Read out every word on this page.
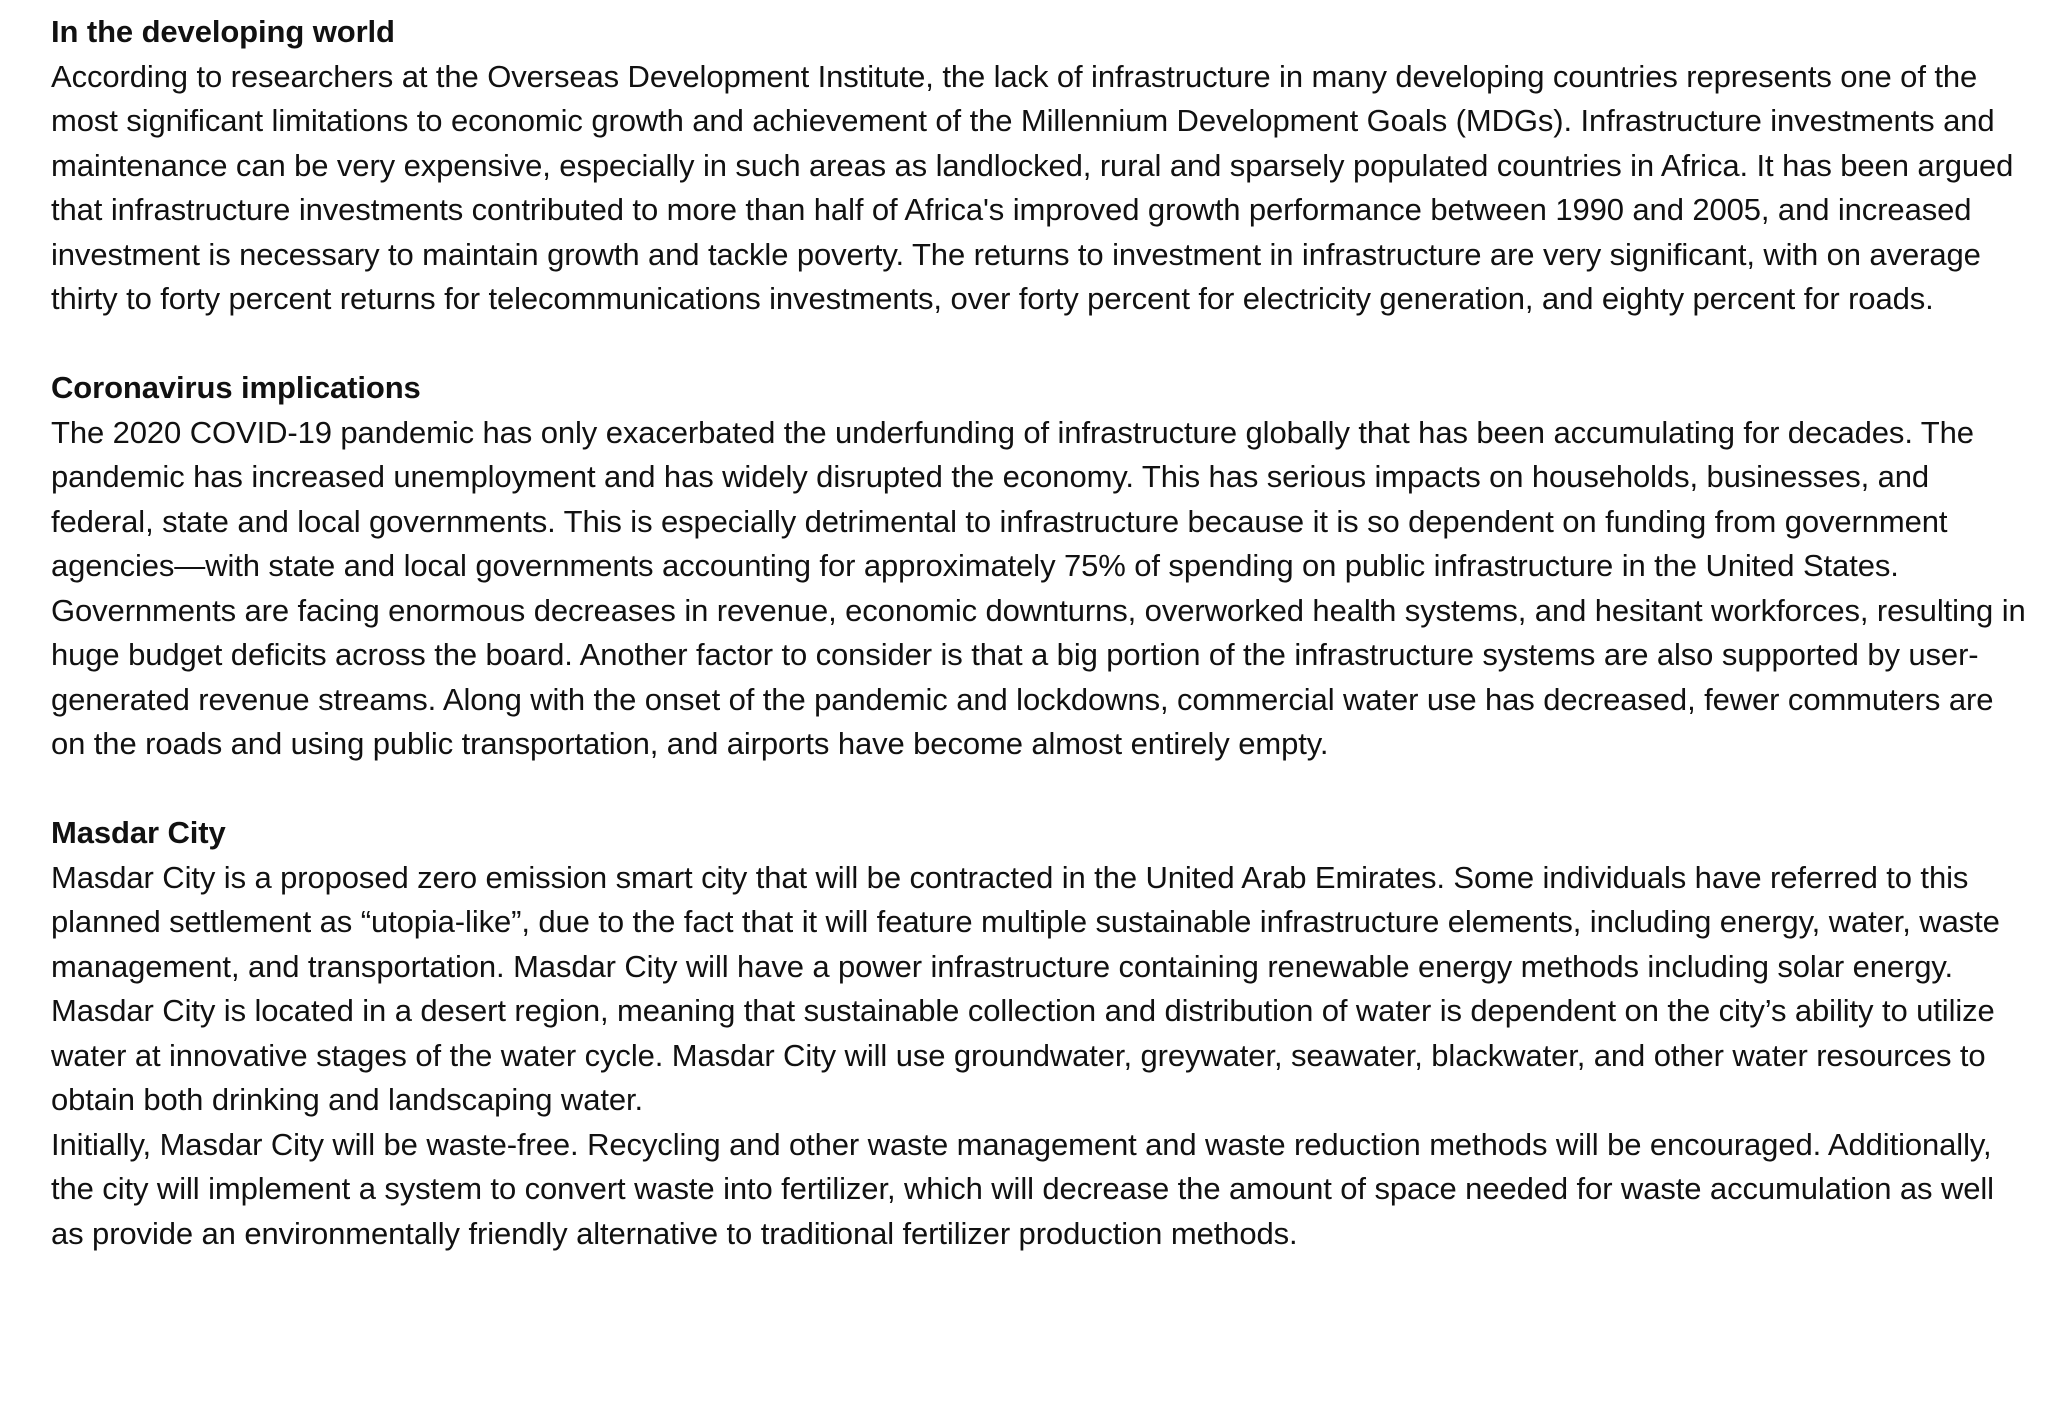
In the developing world

According to researchers at the Overseas Development Institute, the lack of infrastructure in many developing countries represents one of the most significant limitations to economic growth and achievement of the Millennium Development Goals (MDGs). Infrastructure investments and maintenance can be very expensive, especially in such areas as landlocked, rural and sparsely populated countries in Africa. It has been argued that infrastructure investments contributed to more than half of Africa's improved growth performance between 1990 and 2005, and increased investment is necessary to maintain growth and tackle poverty. The returns to investment in infrastructure are very significant, with on average thirty to forty percent returns for telecommunications investments, over forty percent for electricity generation, and eighty percent for roads.

Coronavirus implications

The 2020 COVID-19 pandemic has only exacerbated the underfunding of infrastructure globally that has been accumulating for decades. The pandemic has increased unemployment and has widely disrupted the economy. This has serious impacts on households, businesses, and federal, state and local governments. This is especially detrimental to infrastructure because it is so dependent on funding from government agencies—with state and local governments accounting for approximately 75% of spending on public infrastructure in the United States. Governments are facing enormous decreases in revenue, economic downturns, overworked health systems, and hesitant workforces, resulting in huge budget deficits across the board. Another factor to consider is that a big portion of the infrastructure systems are also supported by user-generated revenue streams. Along with the onset of the pandemic and lockdowns, commercial water use has decreased, fewer commuters are on the roads and using public transportation, and airports have become almost entirely empty.

Masdar City

Masdar City is a proposed zero emission smart city that will be contracted in the United Arab Emirates. Some individuals have referred to this planned settlement as “utopia-like”, due to the fact that it will feature multiple sustainable infrastructure elements, including energy, water, waste management, and transportation. Masdar City will have a power infrastructure containing renewable energy methods including solar energy.

Masdar City is located in a desert region, meaning that sustainable collection and distribution of water is dependent on the city’s ability to utilize water at innovative stages of the water cycle. Masdar City will use groundwater, greywater, seawater, blackwater, and other water resources to obtain both drinking and landscaping water.

Initially, Masdar City will be waste-free. Recycling and other waste management and waste reduction methods will be encouraged. Additionally, the city will implement a system to convert waste into fertilizer, which will decrease the amount of space needed for waste accumulation as well as provide an environmentally friendly alternative to traditional fertilizer production methods.
